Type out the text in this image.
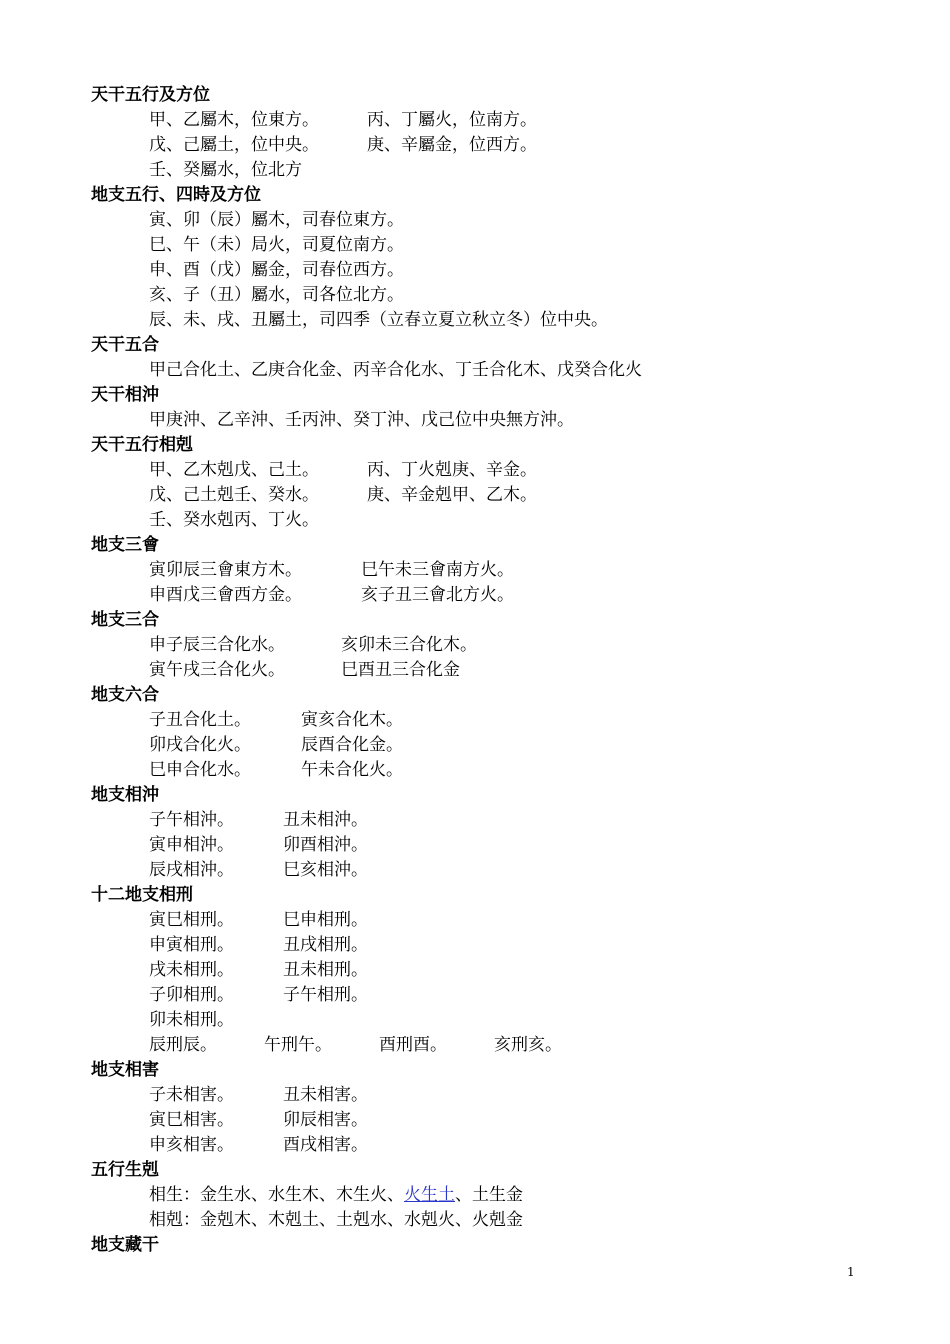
天干五行及方位
甲、乙屬木，位東方。	丙、丁屬火，位南方。
戊、己屬土，位中央。	庚、辛屬金，位西方。
壬、癸屬水，位北方
地支五行、四時及方位
寅、卯（辰）屬木，司春位東方。
巳、午（未）局火，司夏位南方。
申、酉（戊）屬金，司春位西方。
亥、子（丑）屬水，司各位北方。
辰、未、戌、丑屬土，司四季（立春立夏立秋立冬）位中央。
天干五合
甲己合化土、乙庚合化金、丙辛合化水、丁壬合化木、戊癸合化火
天干相沖
甲庚沖、乙辛沖、壬丙沖、癸丁沖、戊己位中央無方沖。
天干五行相剋
甲、乙木剋戊、己土。	丙、丁火剋庚、辛金。
戊、己土剋壬、癸水。	庚、辛金剋甲、乙木。
壬、癸水剋丙、丁火。
地支三會
寅卯辰三會東方木。	巳午未三會南方火。
申酉戊三會西方金。	亥子丑三會北方火。
地支三合
申子辰三合化水。	亥卯未三合化木。
寅午戌三合化火。	巳酉丑三合化金
地支六合
子丑合化土。	寅亥合化木。
卯戌合化火。	辰酉合化金。
巳申合化水。	午未合化火。
地支相沖
子午相沖。	丑未相沖。
寅申相沖。	卯酉相沖。
辰戌相沖。	巳亥相沖。
十二地支相刑
寅巳相刑。	巳申相刑。
申寅相刑。	丑戌相刑。
戌未相刑。	丑未相刑。
子卯相刑。	子午相刑。
卯未相刑。
辰刑辰。	午刑午。	酉刑酉。	亥刑亥。
地支相害
子未相害。	丑未相害。
寅巳相害。	卯辰相害。
申亥相害。	酉戌相害。
五行生剋
相生：金生水、水生木、木生火、火生土、土生金
相剋：金剋木、木剋土、土剋水、水剋火、火剋金
地支藏干
1
